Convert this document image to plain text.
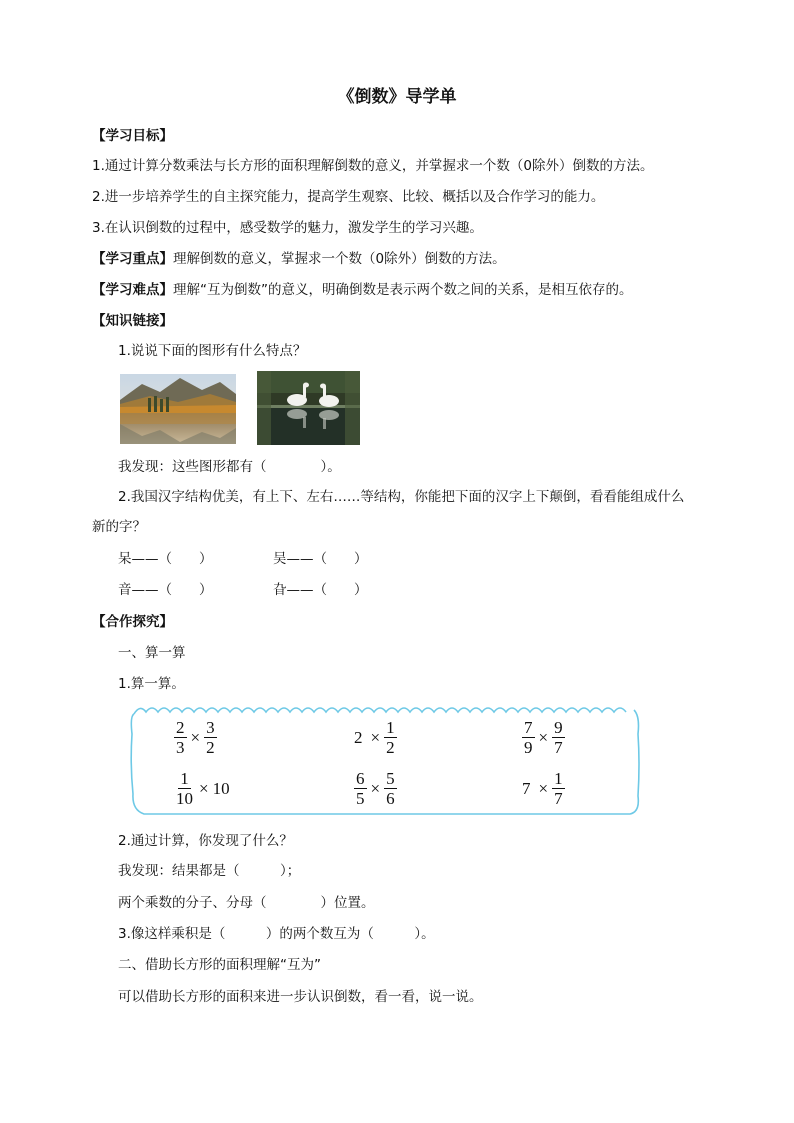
《倒数》导学单
【学习目标】
1.通过计算分数乘法与长方形的面积理解倒数的意义，并掌握求一个数（0除外）倒数的方法。
2.进一步培养学生的自主探究能力，提高学生观察、比较、概括以及合作学习的能力。
3.在认识倒数的过程中，感受数学的魅力，激发学生的学习兴趣。
【学习重点】理解倒数的意义，掌握求一个数（0除外）倒数的方法。
【学习难点】理解“互为倒数”的意义，明确倒数是表示两个数之间的关系，是相互依存的。
【知识链接】
1.说说下面的图形有什么特点？
我发现：这些图形都有（　　　　）。
2.我国汉字结构优美，有上下、左右……等结构，你能把下面的汉字上下颠倒，看看能组成什么
新的字？
呆——（　　）	吴——（　　）
音——（　　）	旮——（　　）
【合作探究】
一、算一算
1.算一算。
$\frac{2}{3} \times \frac{3}{2}$	$2 \times \frac{1}{2}$	$\frac{7}{9} \times \frac{9}{7}$
$\frac{1}{10} \times 10$	$\frac{6}{5} \times \frac{5}{6}$	$7 \times \frac{1}{7}$
2.通过计算，你发现了什么？
我发现：结果都是（　　　）；
两个乘数的分子、分母（　　　　）位置。
3.像这样乘积是（　　　）的两个数互为（　　　）。
二、借助长方形的面积理解“互为”
可以借助长方形的面积来进一步认识倒数，看一看，说一说。
